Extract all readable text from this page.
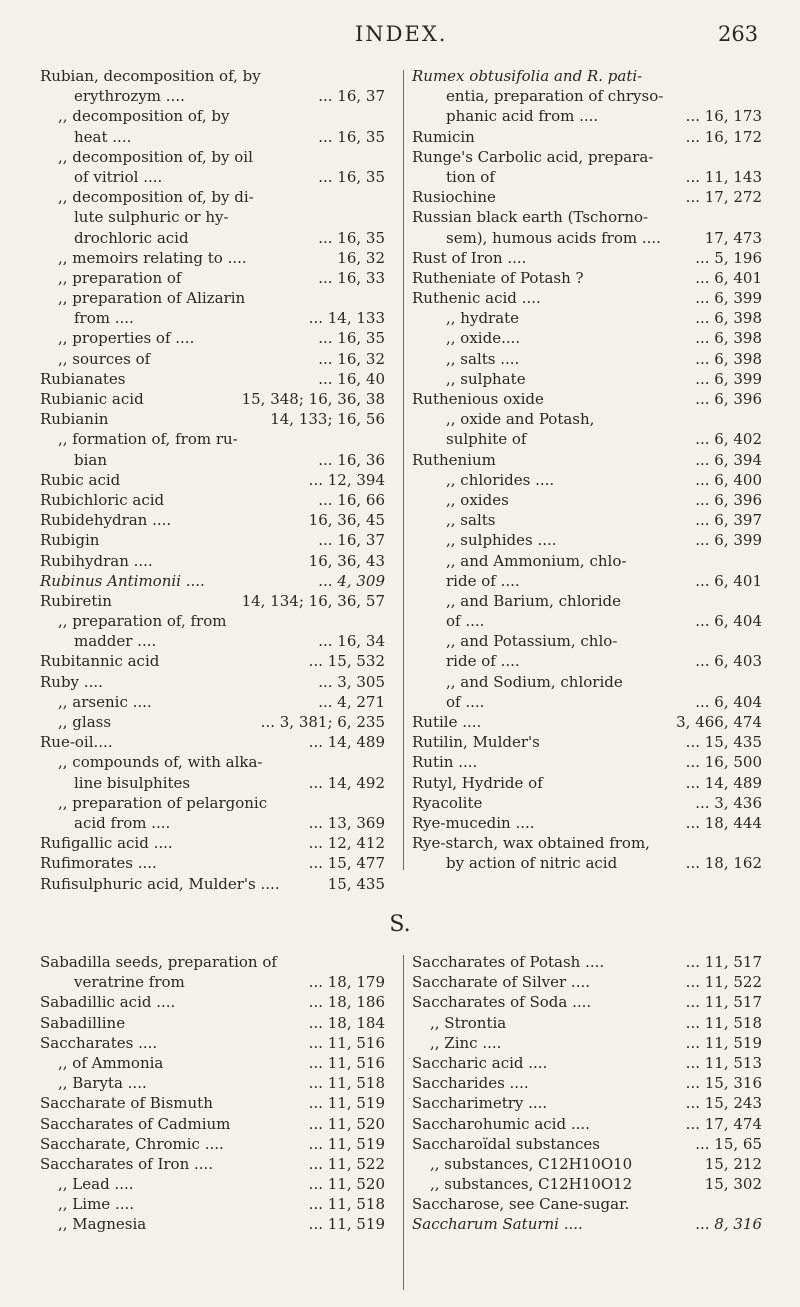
INDEX.	263
Rubian, decomposition of, by
erythrozym ....	... 16, 37
,, decomposition of, by
heat ....	... 16, 35
,, decomposition of, by oil
of vitriol ....	... 16, 35
,, decomposition of, by di-
lute sulphuric or hy-
drochloric acid	... 16, 35
,, memoirs relating to ....	16, 32
,, preparation of	... 16, 33
,, preparation of Alizarin
from ....	... 14, 133
,, properties of ....	... 16, 35
,, sources of	... 16, 32
Rubianates	... 16, 40
Rubianic acid	15, 348; 16, 36, 38
Rubianin	14, 133; 16, 56
,, formation of, from ru-
bian	... 16, 36
Rubic acid	... 12, 394
Rubichloric acid	... 16, 66
Rubidehydran ....	16, 36, 45
Rubigin	... 16, 37
Rubihydran ....	16, 36, 43
Rubinus Antimonii ....	... 4, 309
Rubiretin	14, 134; 16, 36, 57
,, preparation of, from
madder ....	... 16, 34
Rubitannic acid	... 15, 532
Ruby ....	... 3, 305
,, arsenic ....	... 4, 271
,, glass	... 3, 381; 6, 235
Rue-oil....	... 14, 489
,, compounds of, with alka-
line bisulphites	... 14, 492
,, preparation of pelargonic
acid from ....	... 13, 369
Rufigallic acid ....	... 12, 412
Rufimorates ....	... 15, 477
Rufisulphuric acid, Mulder's ....	15, 435
Rumex obtusifolia and R. pati-
entia, preparation of chryso-
phanic acid from ....	... 16, 173
Rumicin	... 16, 172
Runge's Carbolic acid, prepara-
tion of	... 11, 143
Rusiochine	... 17, 272
Russian black earth (Tschorno-
sem), humous acids from ....	17, 473
Rust of Iron ....	... 5, 196
Rutheniate of Potash ?	... 6, 401
Ruthenic acid ....	... 6, 399
,, hydrate	... 6, 398
,, oxide....	... 6, 398
,, salts ....	... 6, 398
,, sulphate	... 6, 399
Ruthenious oxide	... 6, 396
,, oxide and Potash,
sulphite of	... 6, 402
Ruthenium	... 6, 394
,, chlorides ....	... 6, 400
,, oxides	... 6, 396
,, salts	... 6, 397
,, sulphides ....	... 6, 399
,, and Ammonium, chlo-
ride of ....	... 6, 401
,, and Barium, chloride
of ....	... 6, 404
,, and Potassium, chlo-
ride of ....	... 6, 403
,, and Sodium, chloride
of ....	... 6, 404
Rutile ....	3, 466, 474
Rutilin, Mulder's	... 15, 435
Rutin ....	... 16, 500
Rutyl, Hydride of	... 14, 489
Ryacolite	... 3, 436
Rye-mucedin ....	... 18, 444
Rye-starch, wax obtained from,
by action of nitric acid	... 18, 162
S.
Sabadilla seeds, preparation of
veratrine from	... 18, 179
Sabadillic acid ....	... 18, 186
Sabadilline	... 18, 184
Saccharates ....	... 11, 516
,, of Ammonia	... 11, 516
,, Baryta ....	... 11, 518
Saccharate of Bismuth	... 11, 519
Saccharates of Cadmium	... 11, 520
Saccharate, Chromic ....	... 11, 519
Saccharates of Iron ....	... 11, 522
,, Lead ....	... 11, 520
,, Lime ....	... 11, 518
,, Magnesia	... 11, 519
Saccharates of Potash ....	... 11, 517
Saccharate of Silver ....	... 11, 522
Saccharates of Soda ....	... 11, 517
,, Strontia	... 11, 518
,, Zinc ....	... 11, 519
Saccharic acid ....	... 11, 513
Saccharides ....	... 15, 316
Saccharimetry ....	... 15, 243
Saccharohumic acid ....	... 17, 474
Saccharoïdal substances	... 15, 65
,, substances, C12H10O10	15, 212
,, substances, C12H10O12	15, 302
Saccharose, see Cane-sugar.
Saccharum Saturni ....	... 8, 316
